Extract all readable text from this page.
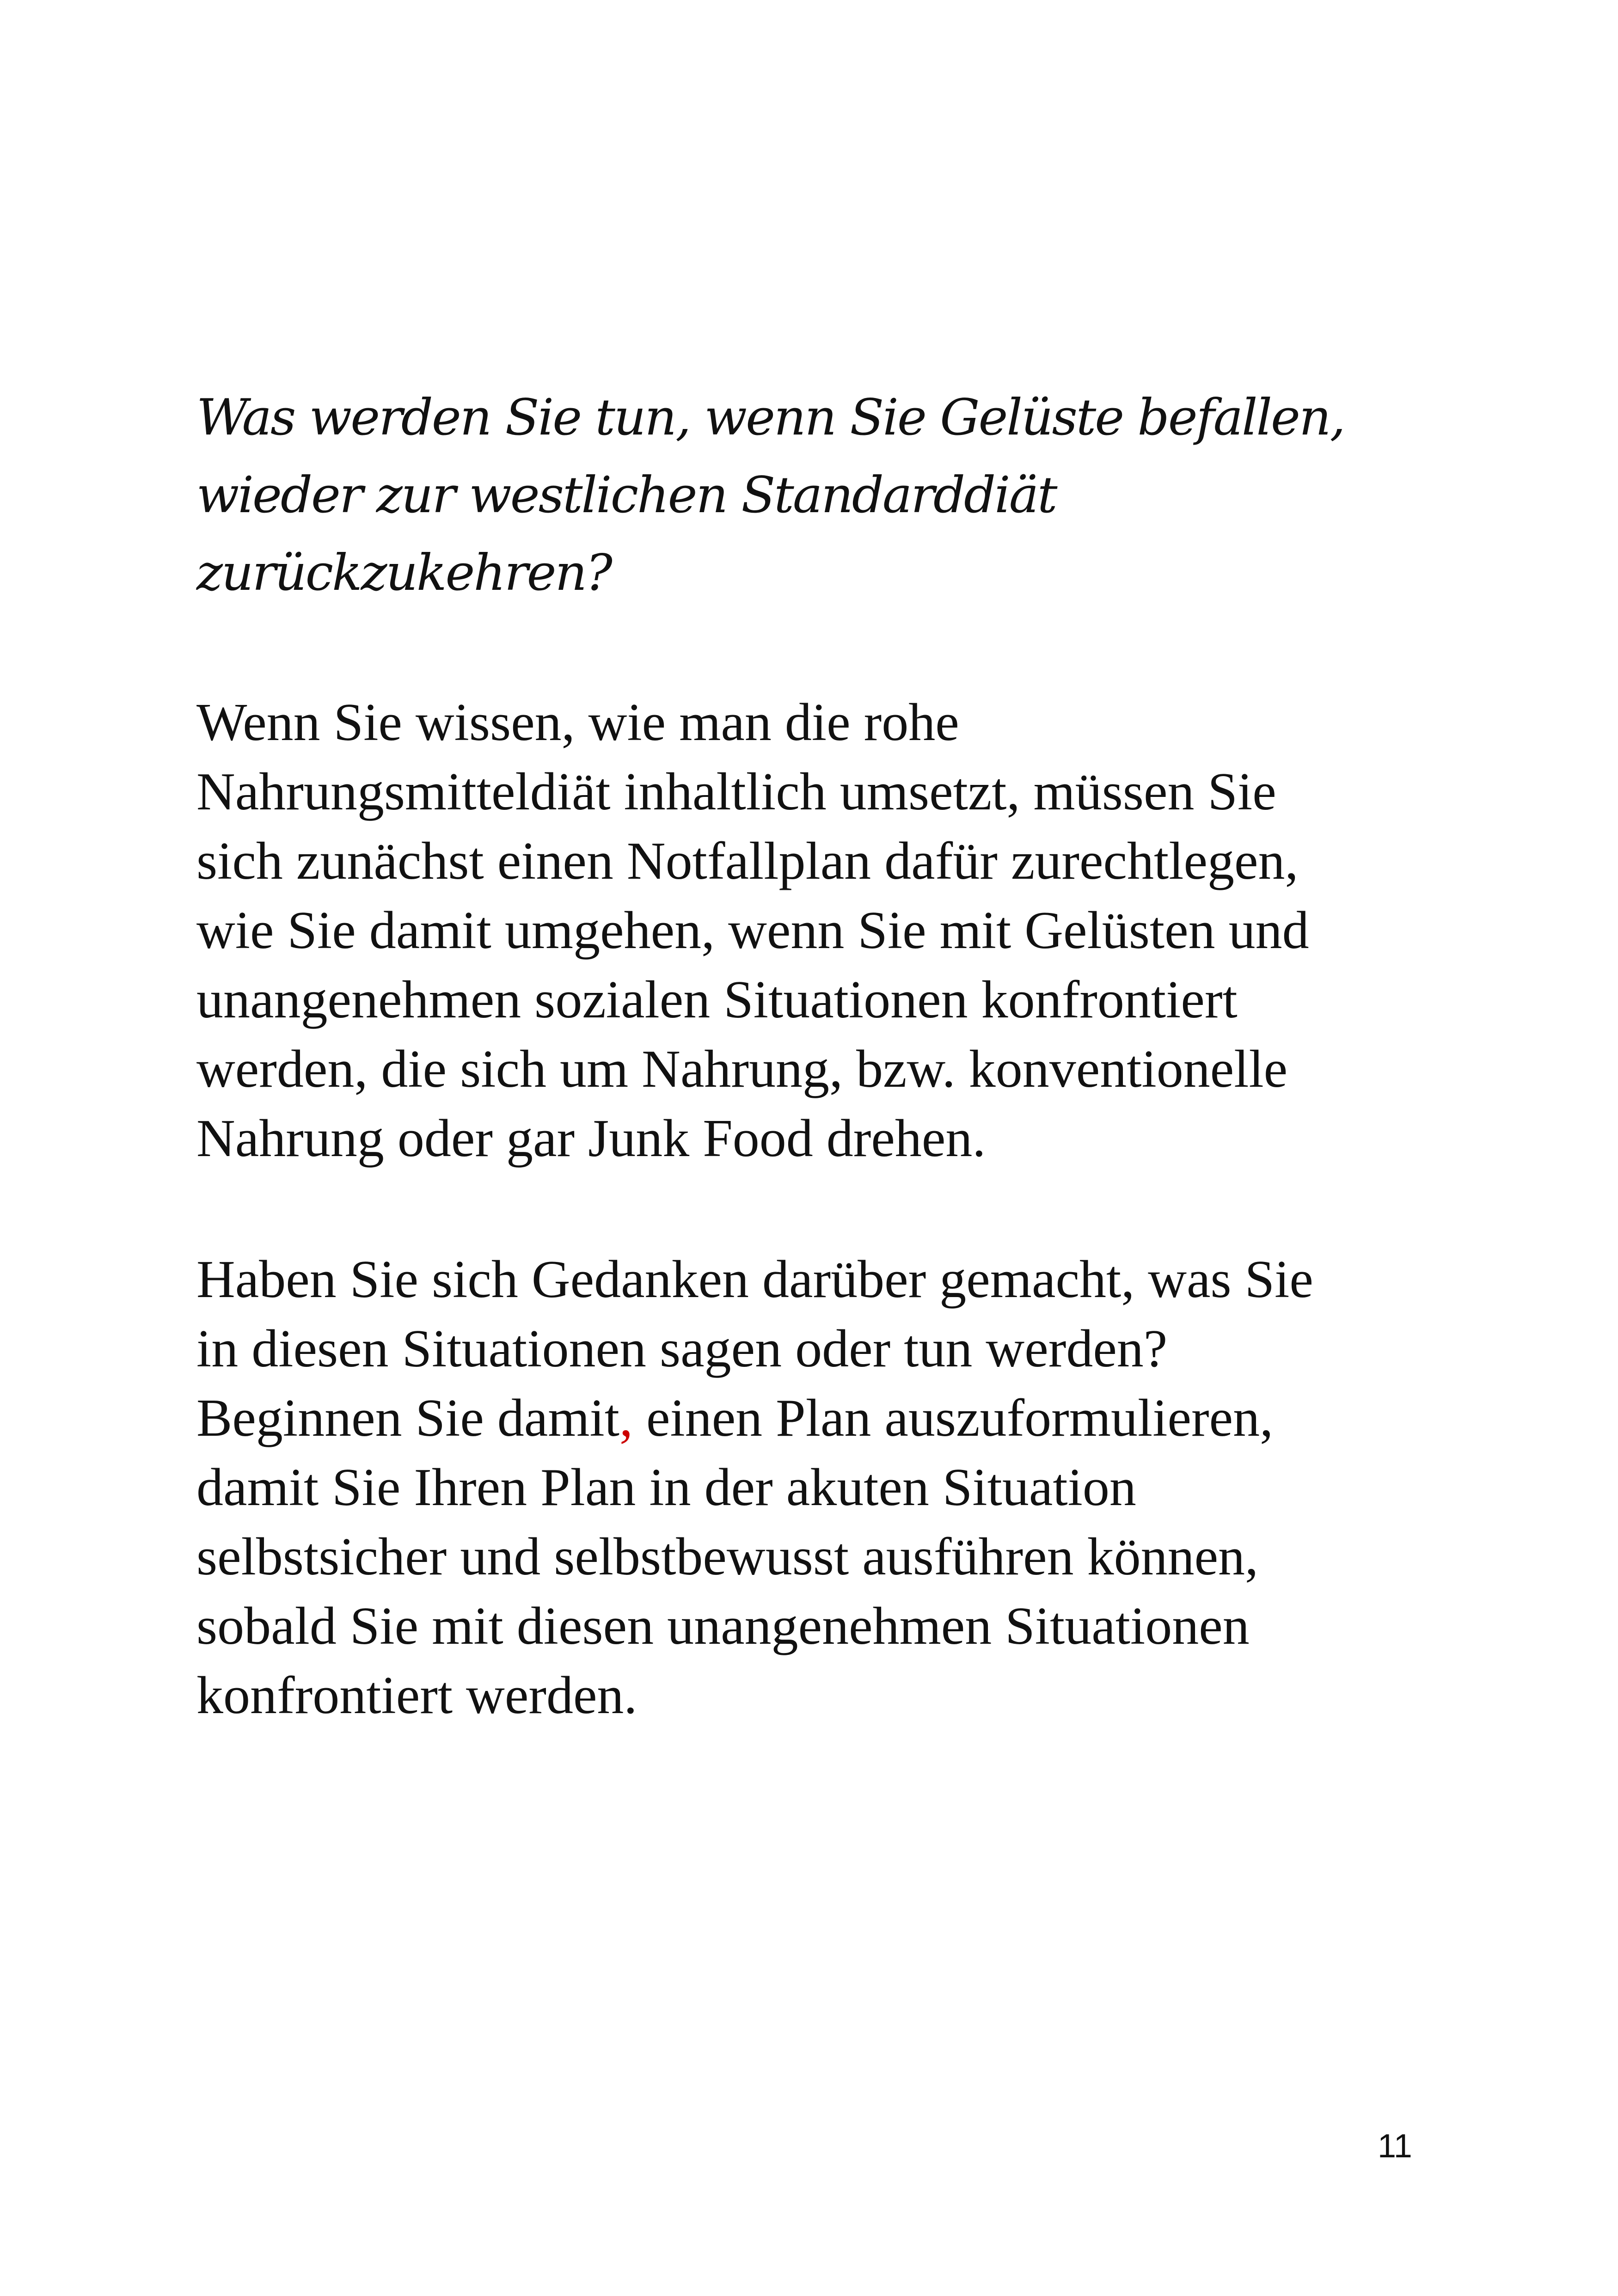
Was werden Sie tun, wenn Sie Gelüste befallen,
wieder zur westlichen Standarddiät
zurückzukehren?

Wenn Sie wissen, wie man die rohe
Nahrungsmitteldiät inhaltlich umsetzt, müssen Sie
sich zunächst einen Notfallplan dafür zurechtlegen,
wie Sie damit umgehen, wenn Sie mit Gelüsten und
unangenehmen sozialen Situationen konfrontiert
werden, die sich um Nahrung, bzw. konventionelle
Nahrung oder gar Junk Food drehen.

Haben Sie sich Gedanken darüber gemacht, was Sie
in diesen Situationen sagen oder tun werden?
Beginnen Sie damit, einen Plan auszuformulieren,
damit Sie Ihren Plan in der akuten Situation
selbstsicher und selbstbewusst ausführen können,
sobald Sie mit diesen unangenehmen Situationen
konfrontiert werden.

11
